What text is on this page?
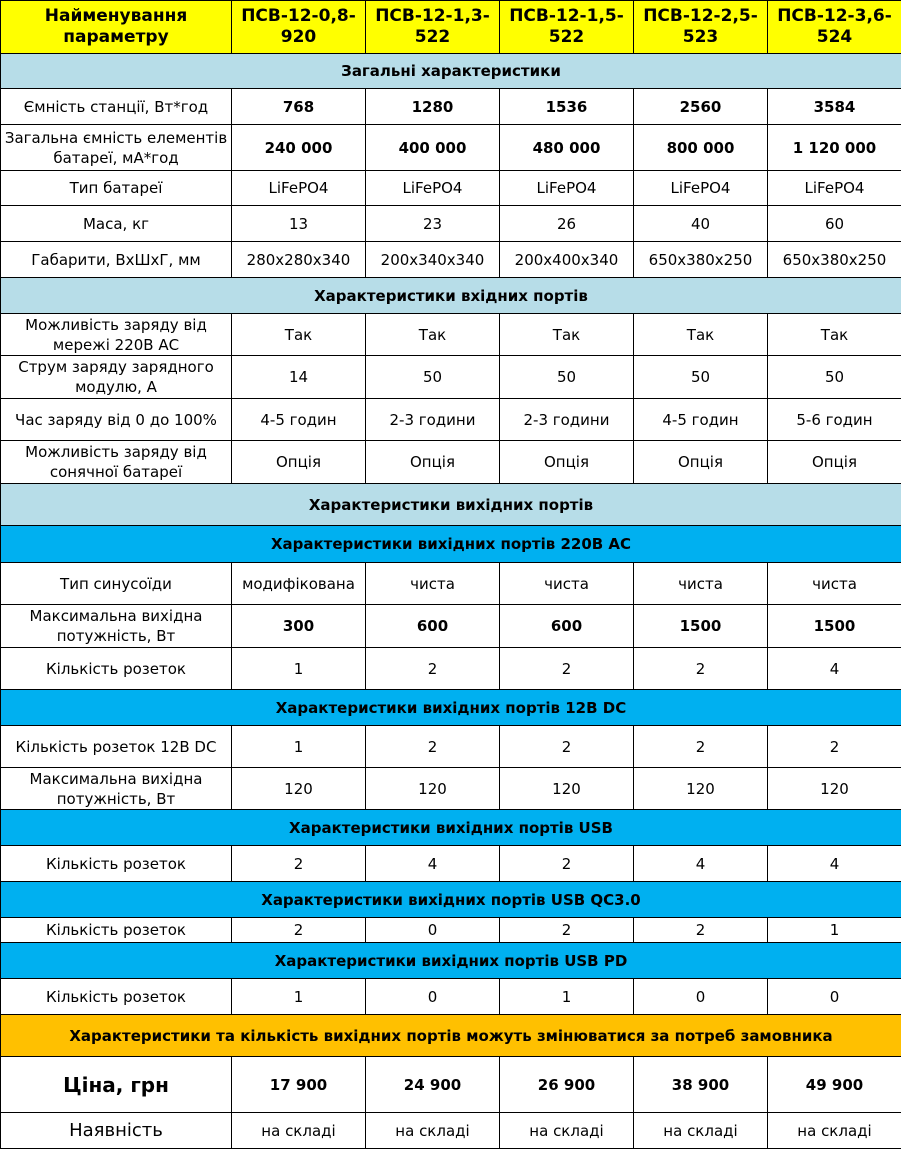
Найменування параметру	ПСВ-12-0,8-920	ПСВ-12-1,3-522	ПСВ-12-1,5-522	ПСВ-12-2,5-523	ПСВ-12-3,6-524
Загальні характеристики					
Ємність станції, Вт*год	768	1280	1536	2560	3584
Загальна ємність елементів батареї, мА*год	240 000	400 000	480 000	800 000	1 120 000
Тип батареї	LiFePO4	LiFePO4	LiFePO4	LiFePO4	LiFePO4
Маса, кг	13	23	26	40	60
Габарити, ВхШхГ, мм	280х280х340	200х340х340	200х400х340	650х380х250	650х380х250
Характеристики вхідних портів					
Можливість заряду від мережі 220В АС	Так	Так	Так	Так	Так
Струм заряду зарядного модулю, А	14	50	50	50	50
Час заряду від 0 до 100%	4-5 годин	2-3 години	2-3 години	4-5 годин	5-6 годин
Можливість заряду від сонячної батареї	Опція	Опція	Опція	Опція	Опція
Характеристики вихідних портів					
Характеристики вихідних портів 220В АС					
Тип синусоїди	модифікована	чиста	чиста	чиста	чиста
Максимальна вихідна потужність, Вт	300	600	600	1500	1500
Кількість розеток	1	2	2	2	4
Характеристики вихідних портів 12В DC					
Кількість розеток 12В DC	1	2	2	2	2
Максимальна вихідна потужність, Вт	120	120	120	120	120
Характеристики вихідних портів USB					
Кількість розеток	2	4	2	4	4
Характеристики вихідних портів USB QC3.0					
Кількість розеток	2	0	2	2	1
Характеристики вихідних портів USB PD					
Кількість розеток	1	0	1	0	0
Характеристики та кількість вихідних портів можуть змінюватися за потреб замовника					
Ціна, грн	17 900	24 900	26 900	38 900	49 900
Наявність	на складі	на складі	на складі	на складі	на складі
